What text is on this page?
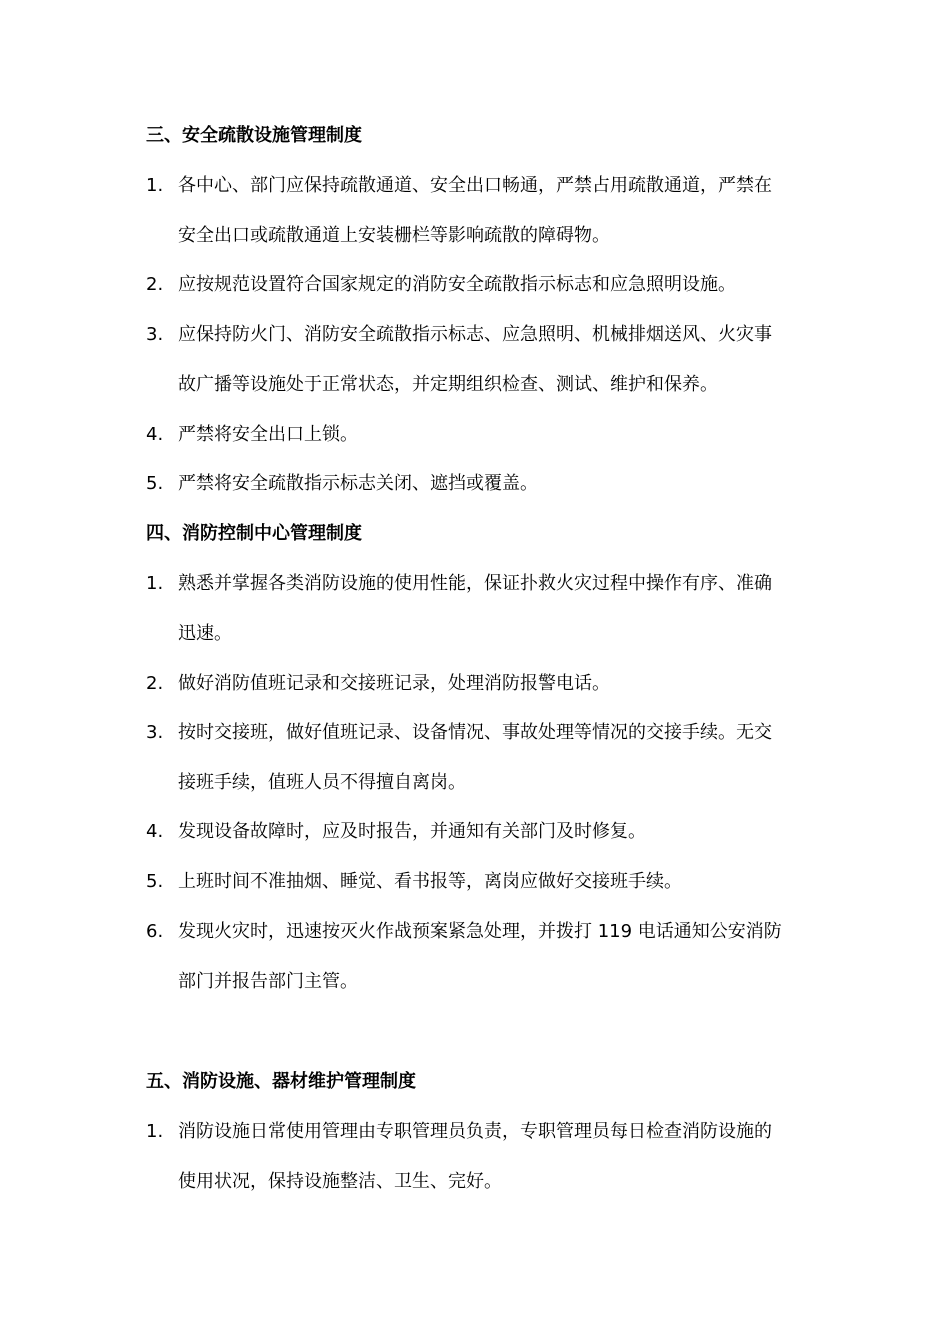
三、安全疏散设施管理制度
1. 各中心、部门应保持疏散通道、安全出口畅通，严禁占用疏散通道，严禁在
安全出口或疏散通道上安装栅栏等影响疏散的障碍物。
2. 应按规范设置符合国家规定的消防安全疏散指示标志和应急照明设施。
3. 应保持防火门、消防安全疏散指示标志、应急照明、机械排烟送风、火灾事
故广播等设施处于正常状态，并定期组织检查、测试、维护和保养。
4. 严禁将安全出口上锁。
5. 严禁将安全疏散指示标志关闭、遮挡或覆盖。
四、消防控制中心管理制度
1. 熟悉并掌握各类消防设施的使用性能，保证扑救火灾过程中操作有序、准确
迅速。
2. 做好消防值班记录和交接班记录，处理消防报警电话。
3. 按时交接班，做好值班记录、设备情况、事故处理等情况的交接手续。无交
接班手续，值班人员不得擅自离岗。
4. 发现设备故障时，应及时报告，并通知有关部门及时修复。
5. 上班时间不准抽烟、睡觉、看书报等，离岗应做好交接班手续。
6. 发现火灾时，迅速按灭火作战预案紧急处理，并拨打 119 电话通知公安消防
部门并报告部门主管。
五、消防设施、器材维护管理制度
1. 消防设施日常使用管理由专职管理员负责，专职管理员每日检查消防设施的
使用状况，保持设施整洁、卫生、完好。
